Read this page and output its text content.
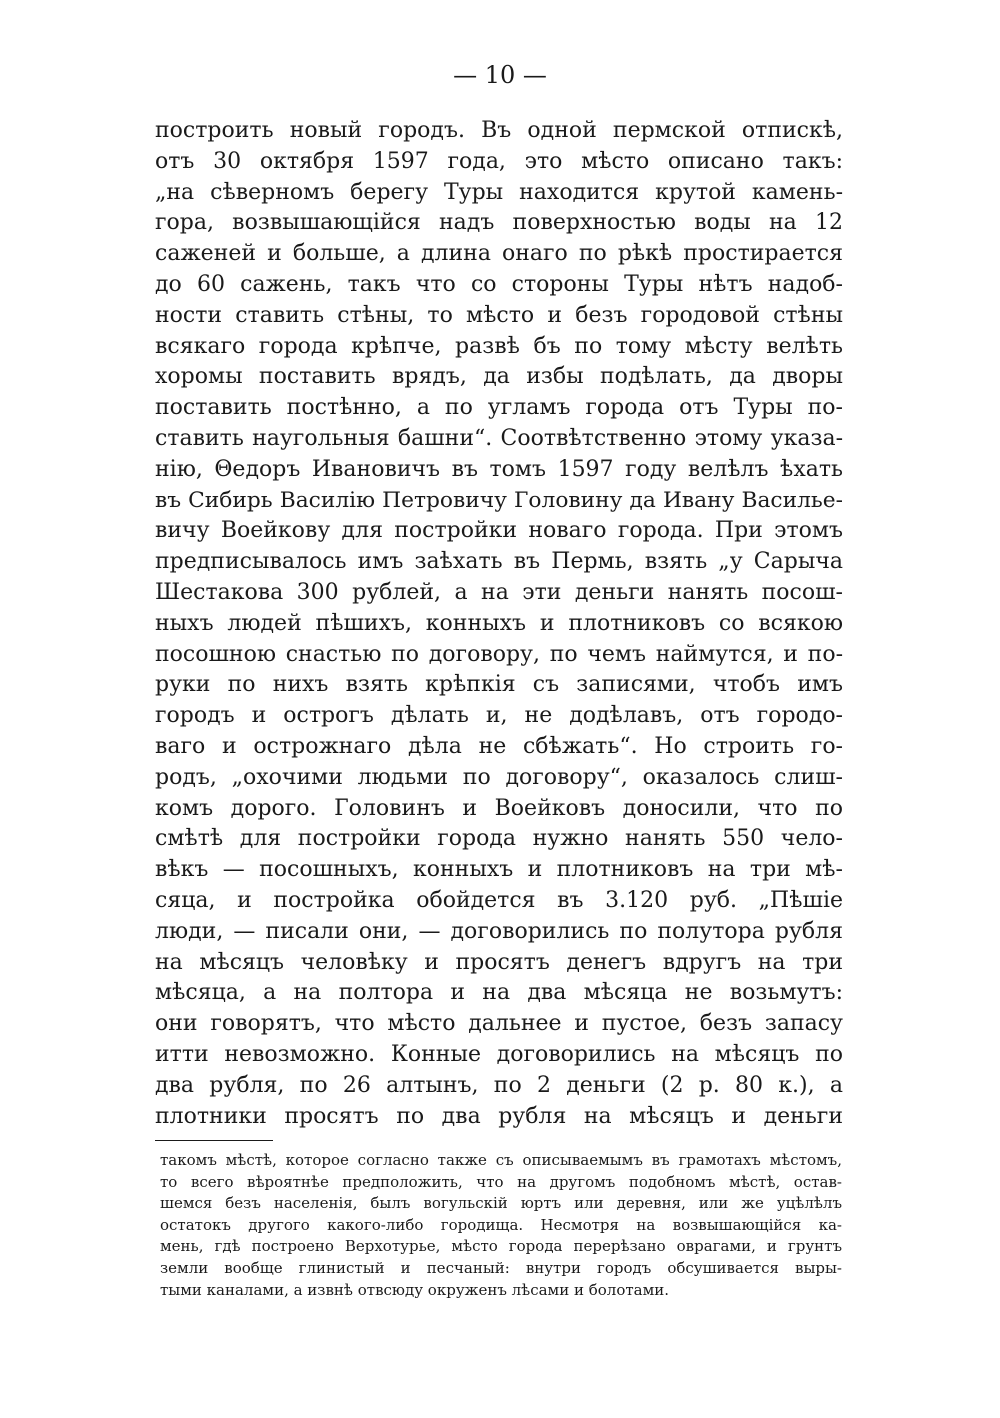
— 10 —
построить новый городъ. Въ одной пермской отпискѣ,
отъ 30 октября 1597 года, это мѣсто описано такъ:
„на сѣверномъ берегу Туры находится крутой камень-
гора, возвышающійся надъ поверхностью воды на 12
саженей и больше, а длина онаго по рѣкѣ простирается
до 60 сажень, такъ что со стороны Туры нѣтъ надоб-
ности ставить стѣны, то мѣсто и безъ городовой стѣны
всякаго города крѣпче, развѣ бъ по тому мѣсту велѣть
хоромы поставить врядъ, да избы подѣлать, да дворы
поставить постѣнно, а по угламъ города отъ Туры по-
ставить наугольныя башни“. Соотвѣтственно этому указа-
нію, Θедоръ Ивановичъ въ томъ 1597 году велѣлъ ѣхать
въ Сибирь Василію Петровичу Головину да Ивану Василье-
вичу Воейкову для постройки новаго города. При этомъ
предписывалось имъ заѣхать въ Пермь, взять „у Сарыча
Шестакова 300 рублей, а на эти деньги нанять посош-
ныхъ людей пѣшихъ, конныхъ и плотниковъ со всякою
посошною снастью по договору, по чемъ наймутся, и по-
руки по нихъ взять крѣпкія съ записями, чтобъ имъ
городъ и острогъ дѣлать и, не додѣлавъ, отъ городо-
ваго и острожнаго дѣла не сбѣжать“. Но строить го-
родъ, „охочими людьми по договору“, оказалось слиш-
комъ дорого. Головинъ и Воейковъ доносили, что по
смѣтѣ для постройки города нужно нанять 550 чело-
вѣкъ — посошныхъ, конныхъ и плотниковъ на три мѣ-
сяца, и постройка обойдется въ 3.120 руб. „Пѣшіе
люди, — писали они, — договорились по полутора рубля
на мѣсяцъ человѣку и просятъ денегъ вдругъ на три
мѣсяца, а на полтора и на два мѣсяца не возьмутъ:
они говорятъ, что мѣсто дальнее и пустое, безъ запасу
итти невозможно. Конные договорились на мѣсяцъ по
два рубля, по 26 алтынъ, по 2 деньги (2 р. 80 к.), а
плотники просятъ по два рубля на мѣсяцъ и деньги
такомъ мѣстѣ, которое согласно также съ описываемымъ въ грамотахъ мѣстомъ,
то всего вѣроятнѣе предположить, что на другомъ подобномъ мѣстѣ, остав-
шемся безъ населенія, былъ вогульскій юртъ или деревня, или же уцѣлѣлъ
остатокъ другого какого-либо городища. Несмотря на возвышающійся ка-
мень, гдѣ построено Верхотурье, мѣсто города перерѣзано оврагами, и грунтъ
земли вообще глинистый и песчаный: внутри городъ обсушивается выры-
тыми каналами, а извнѣ отвсюду окруженъ лѣсами и болотами.
